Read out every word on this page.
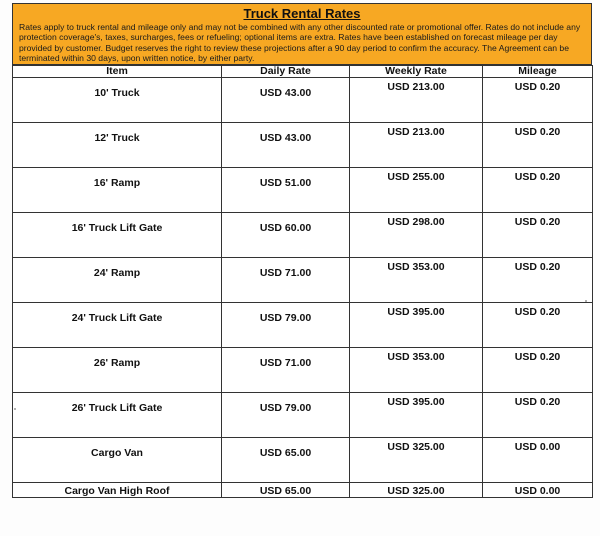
Truck Rental Rates

Rates apply to truck rental and mileage only and may not be combined with any other discounted rate or promotional offer. Rates do not include any protection coverage's, taxes, surcharges, fees or refueling; optional items are extra. Rates have been established on forecast mileage per day provided by customer. Budget reserves the right to review these projections after a 90 day period to confirm the accuracy. The Agreement can be terminated within 30 days, upon written notice, by either party.

Item	Daily Rate	Weekly Rate	Mileage
10' Truck	USD 43.00	USD 213.00	USD 0.20
12' Truck	USD 43.00	USD 213.00	USD 0.20
16' Ramp	USD 51.00	USD 255.00	USD 0.20
16' Truck Lift Gate	USD 60.00	USD 298.00	USD 0.20
24' Ramp	USD 71.00	USD 353.00	USD 0.20
24' Truck Lift Gate	USD 79.00	USD 395.00	USD 0.20
26' Ramp	USD 71.00	USD 353.00	USD 0.20
26' Truck Lift Gate	USD 79.00	USD 395.00	USD 0.20
Cargo Van	USD 65.00	USD 325.00	USD 0.00
Cargo Van High Roof	USD 65.00	USD 325.00	USD 0.00
